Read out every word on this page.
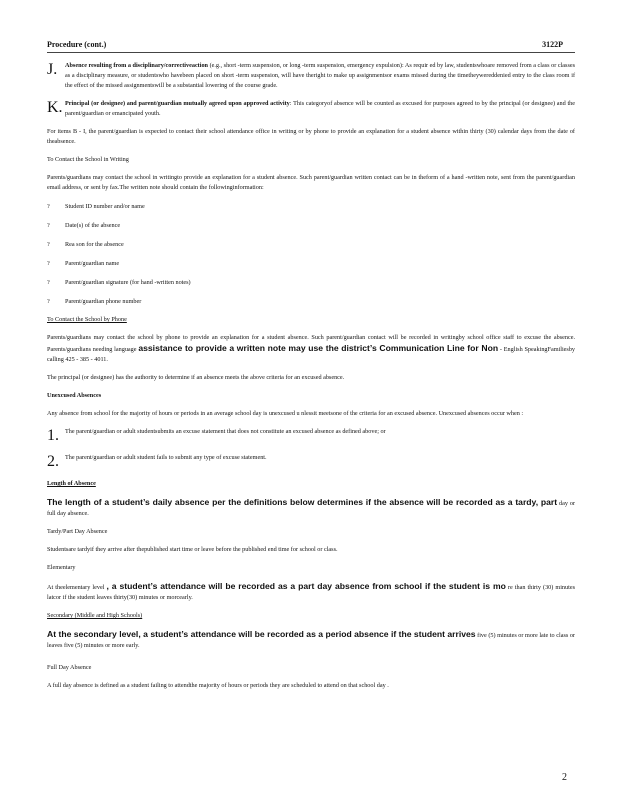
Procedure (cont.)	3122P
J.	Absence resulting from a disciplinary/correctiveaction (e.g., short -term suspension, or long -term suspension, emergency expulsion): As requir ed by law, studentswhoare removed from a class or classes as a disciplinary measure, or studentswho havebeen placed on short -term suspension, will have theright to make up assignmentsor exams missed during the timetheywereddenied entry to the class room if the effect of the missed assignmentswill be a substantial lowering of the course grade.

K. Principal (or designee) and parent/guardian mutually agreed upon approved activity: This categoryof absence will be counted as excused for purposes agreed to by the principal (or designee) and the parent/guardian or emancipated youth.

For items B - I, the parent/guardian is expected to contact their school attendance office in writing or by phone to provide an explanation for a student absence within thirty (30) calendar days from the date of theabsence.

To Contact the School in Writing

Parents/guardians may contact the school in writingto provide an explanation for a student absence. Such parent/guardian written contact can be in theform of a hand -written note, sent from the parent/guardian email address, or sent by fax.The written note should contain the followinginformation:

?	Student ID number and/or name
?	Date(s) of the absence
?	Rea son for the absence
?	Parent/guardian name
?	Parent/guardian signature (for hand -written notes)
?	Parent/guardian phone number

To Contact the School by Phone

Parents/guardians may contact the school by phone to provide an explanation for a student absence. Such parent/guardian contact will be recorded in writingby school office staff to excuse the absence. Parents/guardians needing language assistance to provide a written note may use the district’s Communication Line for Non - English SpeakingFamiliesby calling 425 - 385 - 4011.

The principal (or designee) has the authority to determine if an absence meets the above criteria for an excused absence.

Unexcused Absences

Any absence from school for the majority of hours or periods in an average school day is unexcused u nlessit meetsone of the criteria for an excused absence. Unexcused absences occur when :

1. The parent/guardian or adult studentsubmits an excuse statement that does not constitute an excused absence as defined above; or

2. The parent/guardian or adult student fails to submit any type of excuse statement.

Length of Absence

The length of a student’s daily absence per the definitions below determines if the absence will be recorded as a tardy, part day or full day absence.

Tardy/Part Day Absence

Studentsare tardyif they arrive after thepublished start time or leave before the published end time for school or class.

Elementary

At theelementary level , a student’s attendance will be recorded as a part day absence from school if the student is mo re than thirty (30) minutes latcor if the student leaves thirty(30) minutes or morcearly.

Secondary (Middle and High Schools)

At the secondary level, a student’s attendance will be recorded as a period absence if the student arrives five (5) minutes or more late to class or leaves five (5) minutes or more early.

Full Day Absence

A full day absence is defined as a student failing to attendthe majority of hours or periods they are scheduled to attend on that school day .

2
